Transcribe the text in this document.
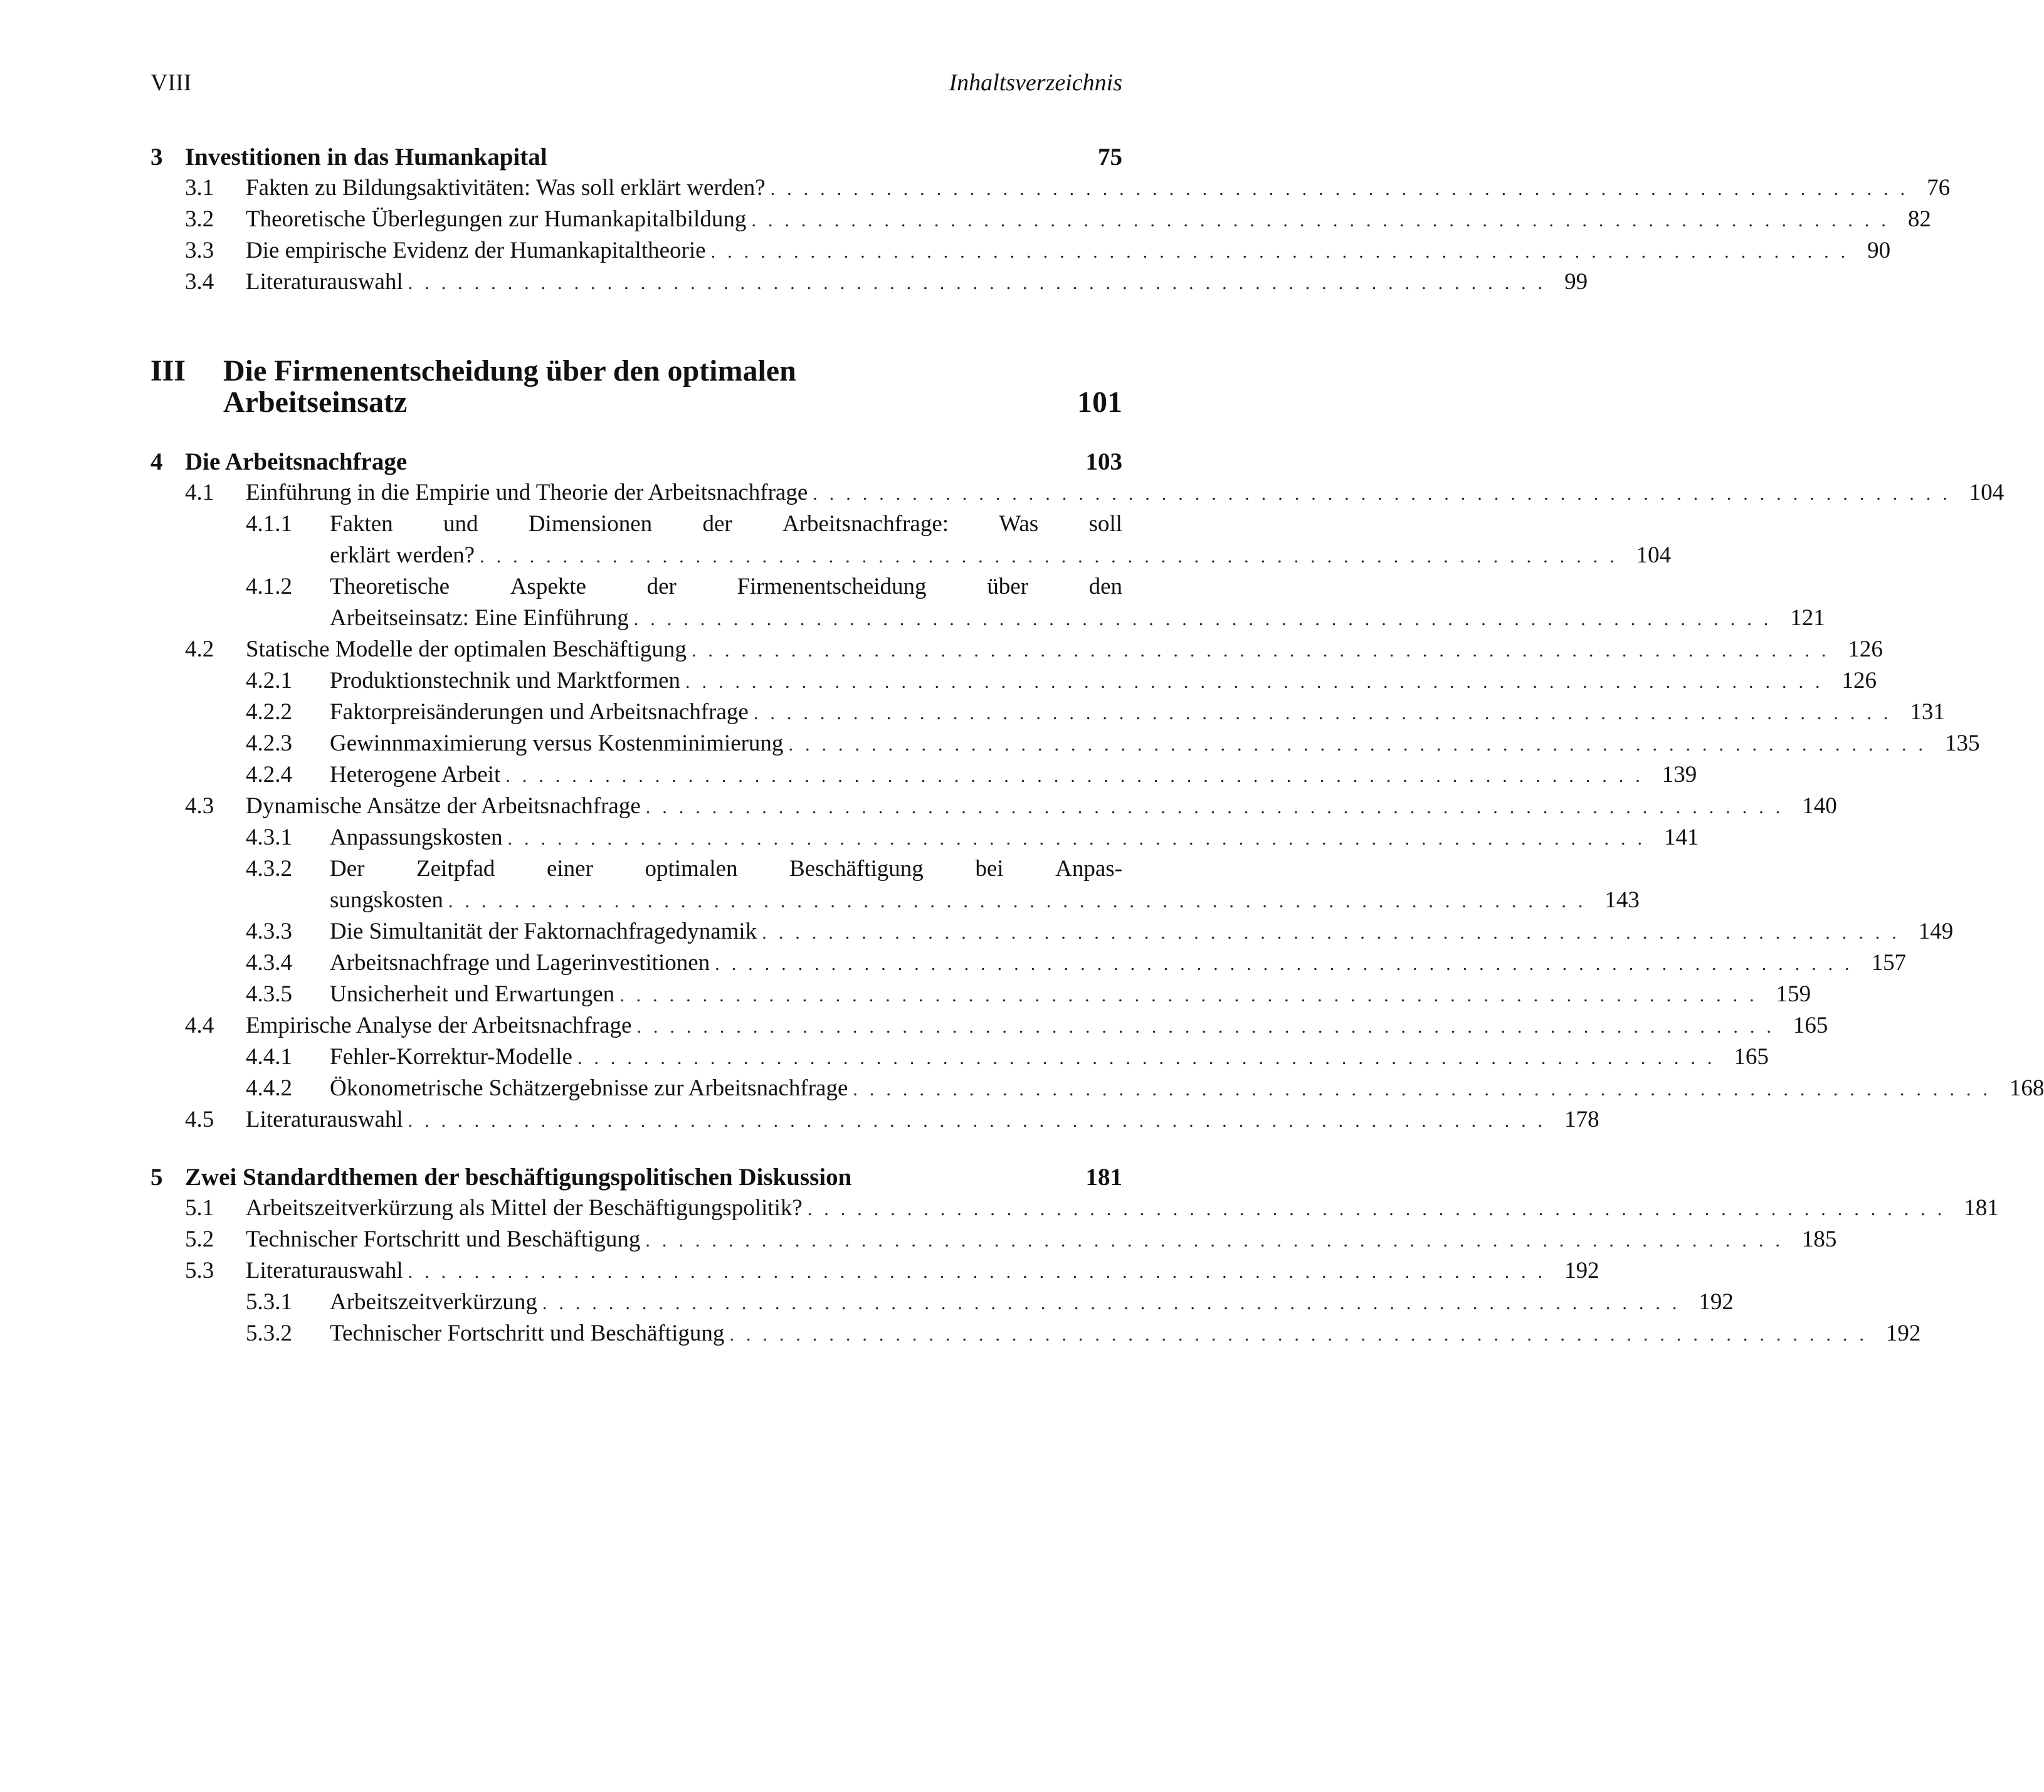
VIII	Inhaltsverzeichnis
3 Investitionen in das Humankapital	75
3.1 Fakten zu Bildungsaktivitäten: Was soll erklärt werden? ..................................................................... 76
3.2 Theoretische Überlegungen zur Humankapitalbildung ..................................................................... 82
3.3 Die empirische Evidenz der Humankapitaltheorie ..................................................................... 90
3.4 Literaturauswahl ..................................................................... 99
III Die Firmenentscheidung über den optimalen
Arbeitseinsatz	101
4 Die Arbeitsnachfrage	103
4.1 Einführung in die Empirie und Theorie der Arbeitsnachfrage ..................................................................... 104
4.1.1 Fakten und Dimensionen der Arbeitsnachfrage: Was soll
erklärt werden? ..................................................................... 104
4.1.2 Theoretische	Aspekte	der	Firmenentscheidung	über	den
Arbeitseinsatz: Eine Einführung ..................................................................... 121
4.2 Statische Modelle der optimalen Beschäftigung ..................................................................... 126
4.2.1 Produktionstechnik und Marktformen ..................................................................... 126
4.2.2 Faktorpreisänderungen und Arbeitsnachfrage ..................................................................... 131
4.2.3 Gewinnmaximierung versus Kostenminimierung ..................................................................... 135
4.2.4 Heterogene Arbeit ..................................................................... 139
4.3 Dynamische Ansätze der Arbeitsnachfrage ..................................................................... 140
4.3.1 Anpassungskosten ..................................................................... 141
4.3.2 Der Zeitpfad einer optimalen Beschäftigung bei Anpas-
sungskosten ..................................................................... 143
4.3.3 Die Simultanität der Faktornachfragedynamik ..................................................................... 149
4.3.4 Arbeitsnachfrage und Lagerinvestitionen ..................................................................... 157
4.3.5 Unsicherheit und Erwartungen ..................................................................... 159
4.4 Empirische Analyse der Arbeitsnachfrage ..................................................................... 165
4.4.1 Fehler-Korrektur-Modelle ..................................................................... 165
4.4.2 Ökonometrische Schätzergebnisse zur Arbeitsnachfrage ..................................................................... 168
4.5 Literaturauswahl ..................................................................... 178
5 Zwei Standardthemen der beschäftigungspolitischen Diskussion	181
5.1 Arbeitszeitverkürzung als Mittel der Beschäftigungspolitik? ..................................................................... 181
5.2 Technischer Fortschritt und Beschäftigung ..................................................................... 185
5.3 Literaturauswahl ..................................................................... 192
5.3.1 Arbeitszeitverkürzung ..................................................................... 192
5.3.2 Technischer Fortschritt und Beschäftigung ..................................................................... 192
